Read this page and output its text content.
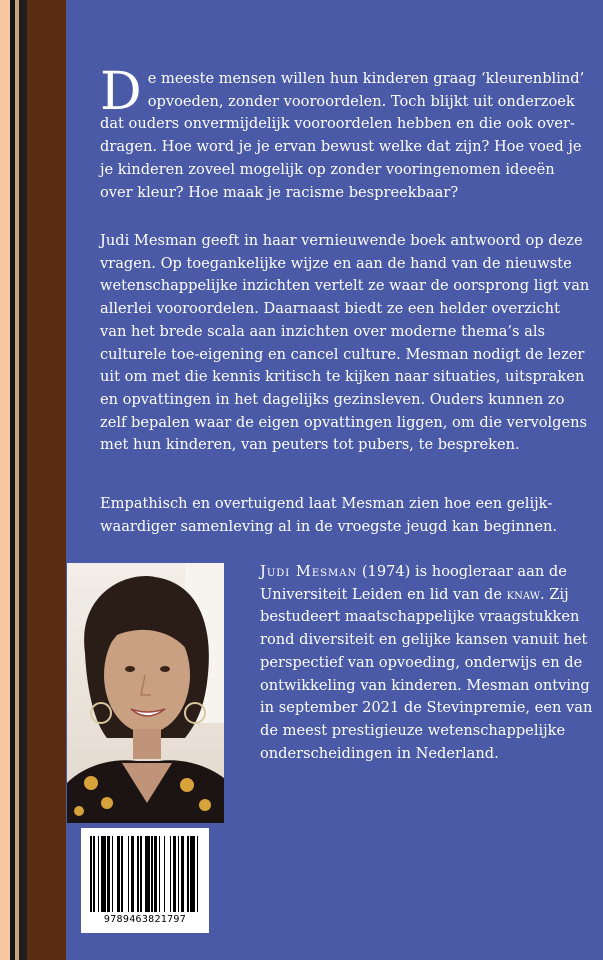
D e meeste mensen willen hun kinderen graag ‘kleurenblind’ opvoeden, zonder vooroordelen. Toch blijkt uit onderzoek dat ouders onvermijdelijk vooroordelen hebben en die ook overdragen. Hoe word je je ervan bewust welke dat zijn? Hoe voed je je kinderen zoveel mogelijk op zonder vooringenomen ideeën over kleur? Hoe maak je racisme bespreekbaar?

Judi Mesman geeft in haar vernieuwende boek antwoord op deze vragen. Op toegankelijke wijze en aan de hand van de nieuwste wetenschappelijke inzichten vertelt ze waar de oorsprong ligt van allerlei vooroordelen. Daarnaast biedt ze een helder overzicht van het brede scala aan inzichten over moderne thema’s als culturele toe-eigening en cancel culture. Mesman nodigt de lezer uit om met die kennis kritisch te kijken naar situaties, uitspraken en opvattingen in het dagelijks gezinsleven. Ouders kunnen zo zelf bepalen waar de eigen opvattingen liggen, om die vervolgens met hun kinderen, van peuters tot pubers, te bespreken.

Empathisch en overtuigend laat Mesman zien hoe een gelijkwaardiger samenleving al in de vroegste jeugd kan beginnen.

Judi Mesman (1974) is hoogleraar aan de Universiteit Leiden en lid van de knaw. Zij bestudeert maatschappelijke vraagstukken rond diversiteit en gelijke kansen vanuit het perspectief van opvoeding, onderwijs en de ontwikkeling van kinderen. Mesman ontving in september 2021 de Stevinpremie, een van de meest prestigieuze wetenschappelijke onderscheidingen in Nederland.
9789463821797
